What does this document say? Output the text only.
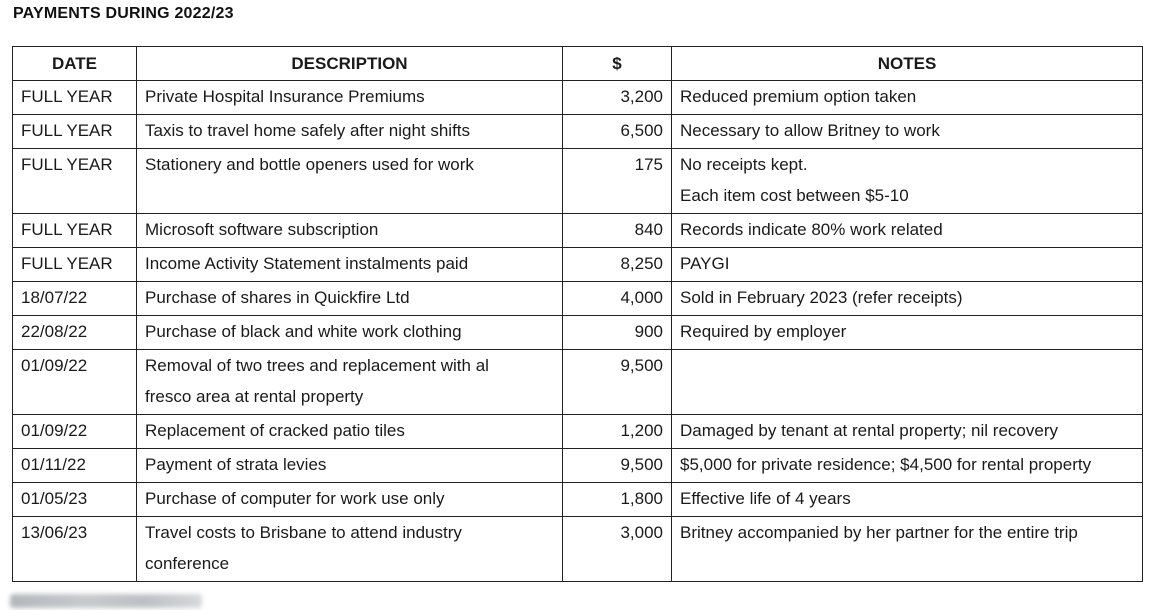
PAYMENTS DURING 2022/23
DATE	DESCRIPTION	$	NOTES
FULL YEAR	Private Hospital Insurance Premiums	3,200	Reduced premium option taken

FULL YEAR	Taxis to travel home safely after night shifts	6,500	Necessary to allow Britney to work

FULL YEAR	Stationery and bottle openers used for work	175	No receipts kept.
Each item cost between $5-10

FULL YEAR	Microsoft software subscription	840	Records indicate 80% work related

FULL YEAR	Income Activity Statement instalments paid	8,250	PAYGI

18/07/22	Purchase of shares in Quickfire Ltd	4,000	Sold in February 2023 (refer receipts)

22/08/22	Purchase of black and white work clothing	900	Required by employer

01/09/22	Removal of two trees and replacement with al
fresco area at rental property	9,500	

01/09/22	Replacement of cracked patio tiles	1,200	Damaged by tenant at rental property; nil recovery

01/11/22	Payment of strata levies	9,500	$5,000 for private residence; $4,500 for rental property

01/05/23	Purchase of computer for work use only	1,800	Effective life of 4 years

13/06/23	Travel costs to Brisbane to attend industry
conference	3,000	Britney accompanied by her partner for the entire trip
